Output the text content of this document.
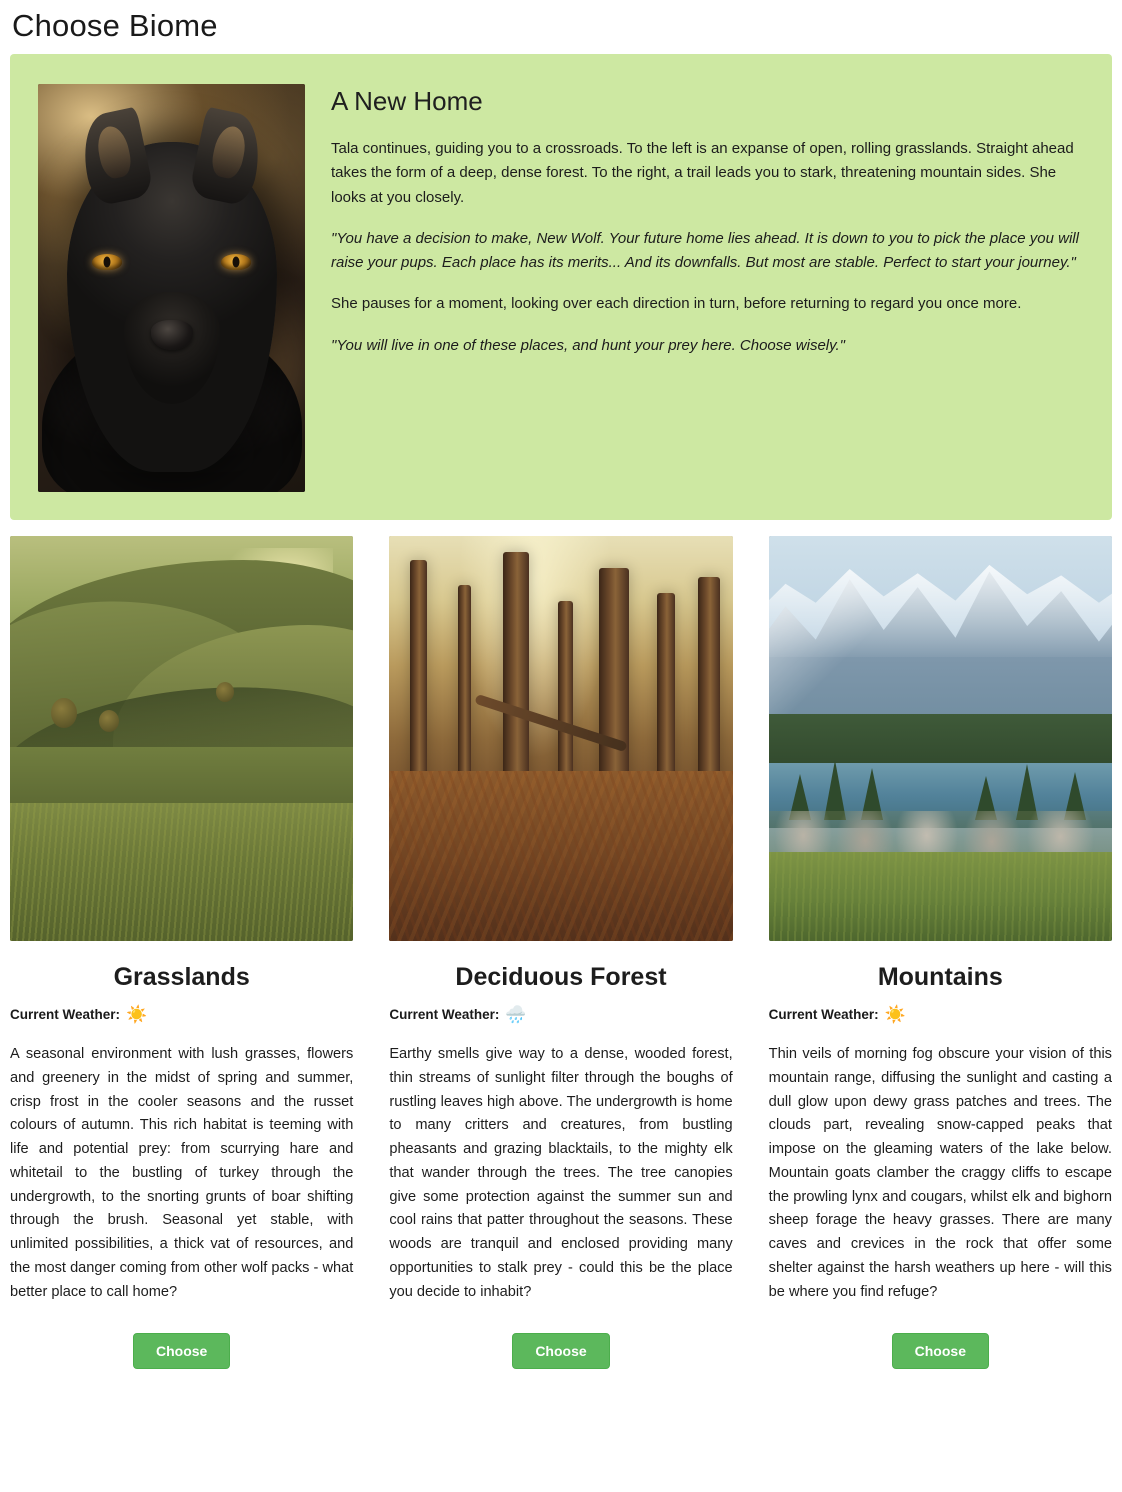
Choose Biome
A New Home

Tala continues, guiding you to a crossroads. To the left is an expanse of open, rolling grasslands. Straight ahead takes the form of a deep, dense forest. To the right, a trail leads you to stark, threatening mountain sides. She looks at you closely.

"You have a decision to make, New Wolf. Your future home lies ahead. It is down to you to pick the place you will raise your pups. Each place has its merits... And its downfalls. But most are stable. Perfect to start your journey."

She pauses for a moment, looking over each direction in turn, before returning to regard you once more.

"You will live in one of these places, and hunt your prey here. Choose wisely."

Grasslands
Current Weather: ☀️

A seasonal environment with lush grasses, flowers and greenery in the midst of spring and summer, crisp frost in the cooler seasons and the russet colours of autumn. This rich habitat is teeming with life and potential prey: from scurrying hare and whitetail to the bustling of turkey through the undergrowth, to the snorting grunts of boar shifting through the brush. Seasonal yet stable, with unlimited possibilities, a thick vat of resources, and the most danger coming from other wolf packs - what better place to call home?

Choose
Deciduous Forest
Current Weather: 🌧️

Earthy smells give way to a dense, wooded forest, thin streams of sunlight filter through the boughs of rustling leaves high above. The undergrowth is home to many critters and creatures, from bustling pheasants and grazing blacktails, to the mighty elk that wander through the trees. The tree canopies give some protection against the summer sun and cool rains that patter throughout the seasons. These woods are tranquil and enclosed providing many opportunities to stalk prey - could this be the place you decide to inhabit?

Choose
Mountains
Current Weather: ☀️

Thin veils of morning fog obscure your vision of this mountain range, diffusing the sunlight and casting a dull glow upon dewy grass patches and trees. The clouds part, revealing snow-capped peaks that impose on the gleaming waters of the lake below. Mountain goats clamber the craggy cliffs to escape the prowling lynx and cougars, whilst elk and bighorn sheep forage the heavy grasses. There are many caves and crevices in the rock that offer some shelter against the harsh weathers up here - will this be where you find refuge?

Choose
